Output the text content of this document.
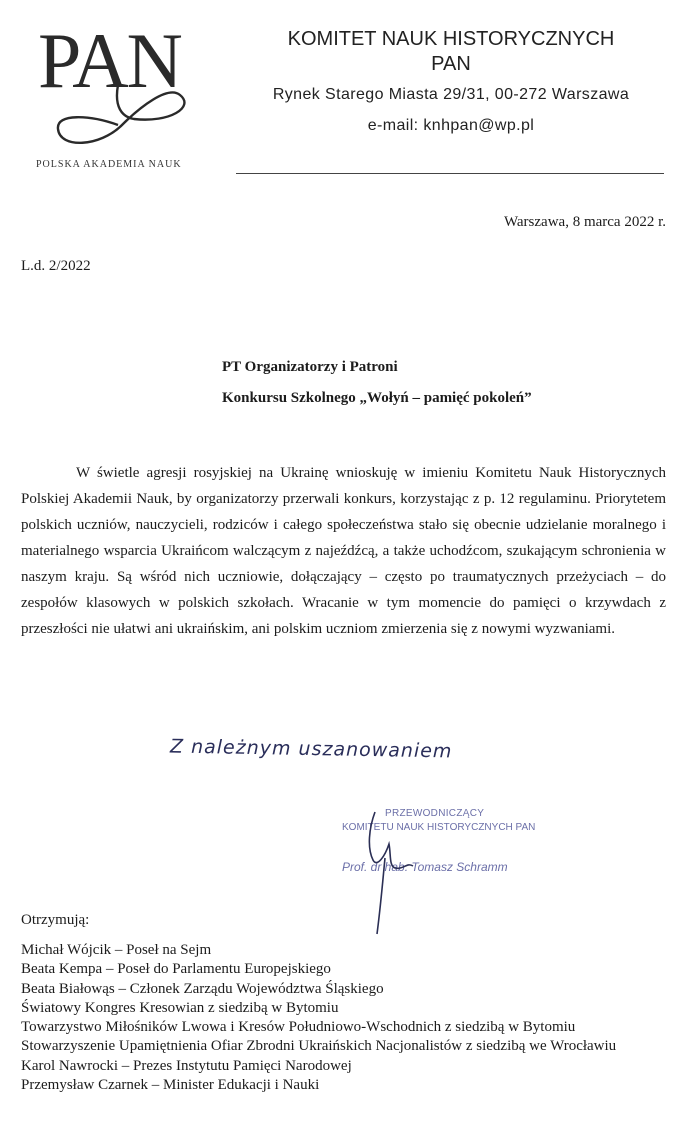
PAN
POLSKA AKADEMIA NAUK
KOMITET NAUK HISTORYCZNYCH
PAN
Rynek Starego Miasta 29/31, 00-272 Warszawa
e-mail: knhpan@wp.pl
Warszawa, 8 marca 2022 r.
L.d. 2/2022
PT Organizatorzy i Patroni
Konkursu Szkolnego „Wołyń – pamięć pokoleń”

W świetle agresji rosyjskiej na Ukrainę wnioskuję w imieniu Komitetu Nauk Historycznych Polskiej Akademii Nauk, by organizatorzy przerwali konkurs, korzystając z p. 12 regulaminu. Priorytetem polskich uczniów, nauczycieli, rodziców i całego społeczeństwa stało się obecnie udzielanie moralnego i materialnego wsparcia Ukraińcom walczącym z najeźdźcą, a także uchodźcom, szukającym schronienia w naszym kraju. Są wśród nich uczniowie, dołączający – często po traumatycznych przeżyciach – do zespołów klasowych w polskich szkołach. Wracanie w tym momencie do pamięci o krzywdach z przeszłości nie ułatwi ani ukraińskim, ani polskim uczniom zmierzenia się z nowymi wyzwaniami.

Z należnym uszanowaniem
PRZEWODNICZĄCY
KOMITETU NAUK HISTORYCZNYCH PAN
Prof. dr hab. Tomasz Schramm
Otrzymują:
Michał Wójcik – Poseł na Sejm
Beata Kempa – Poseł do Parlamentu Europejskiego
Beata Białowąs – Członek Zarządu Województwa Śląskiego
Światowy Kongres Kresowian z siedzibą w Bytomiu
Towarzystwo Miłośników Lwowa i Kresów Południowo-Wschodnich z siedzibą w Bytomiu
Stowarzyszenie Upamiętnienia Ofiar Zbrodni Ukraińskich Nacjonalistów z siedzibą we Wrocławiu
Karol Nawrocki – Prezes Instytutu Pamięci Narodowej
Przemysław Czarnek – Minister Edukacji i Nauki
